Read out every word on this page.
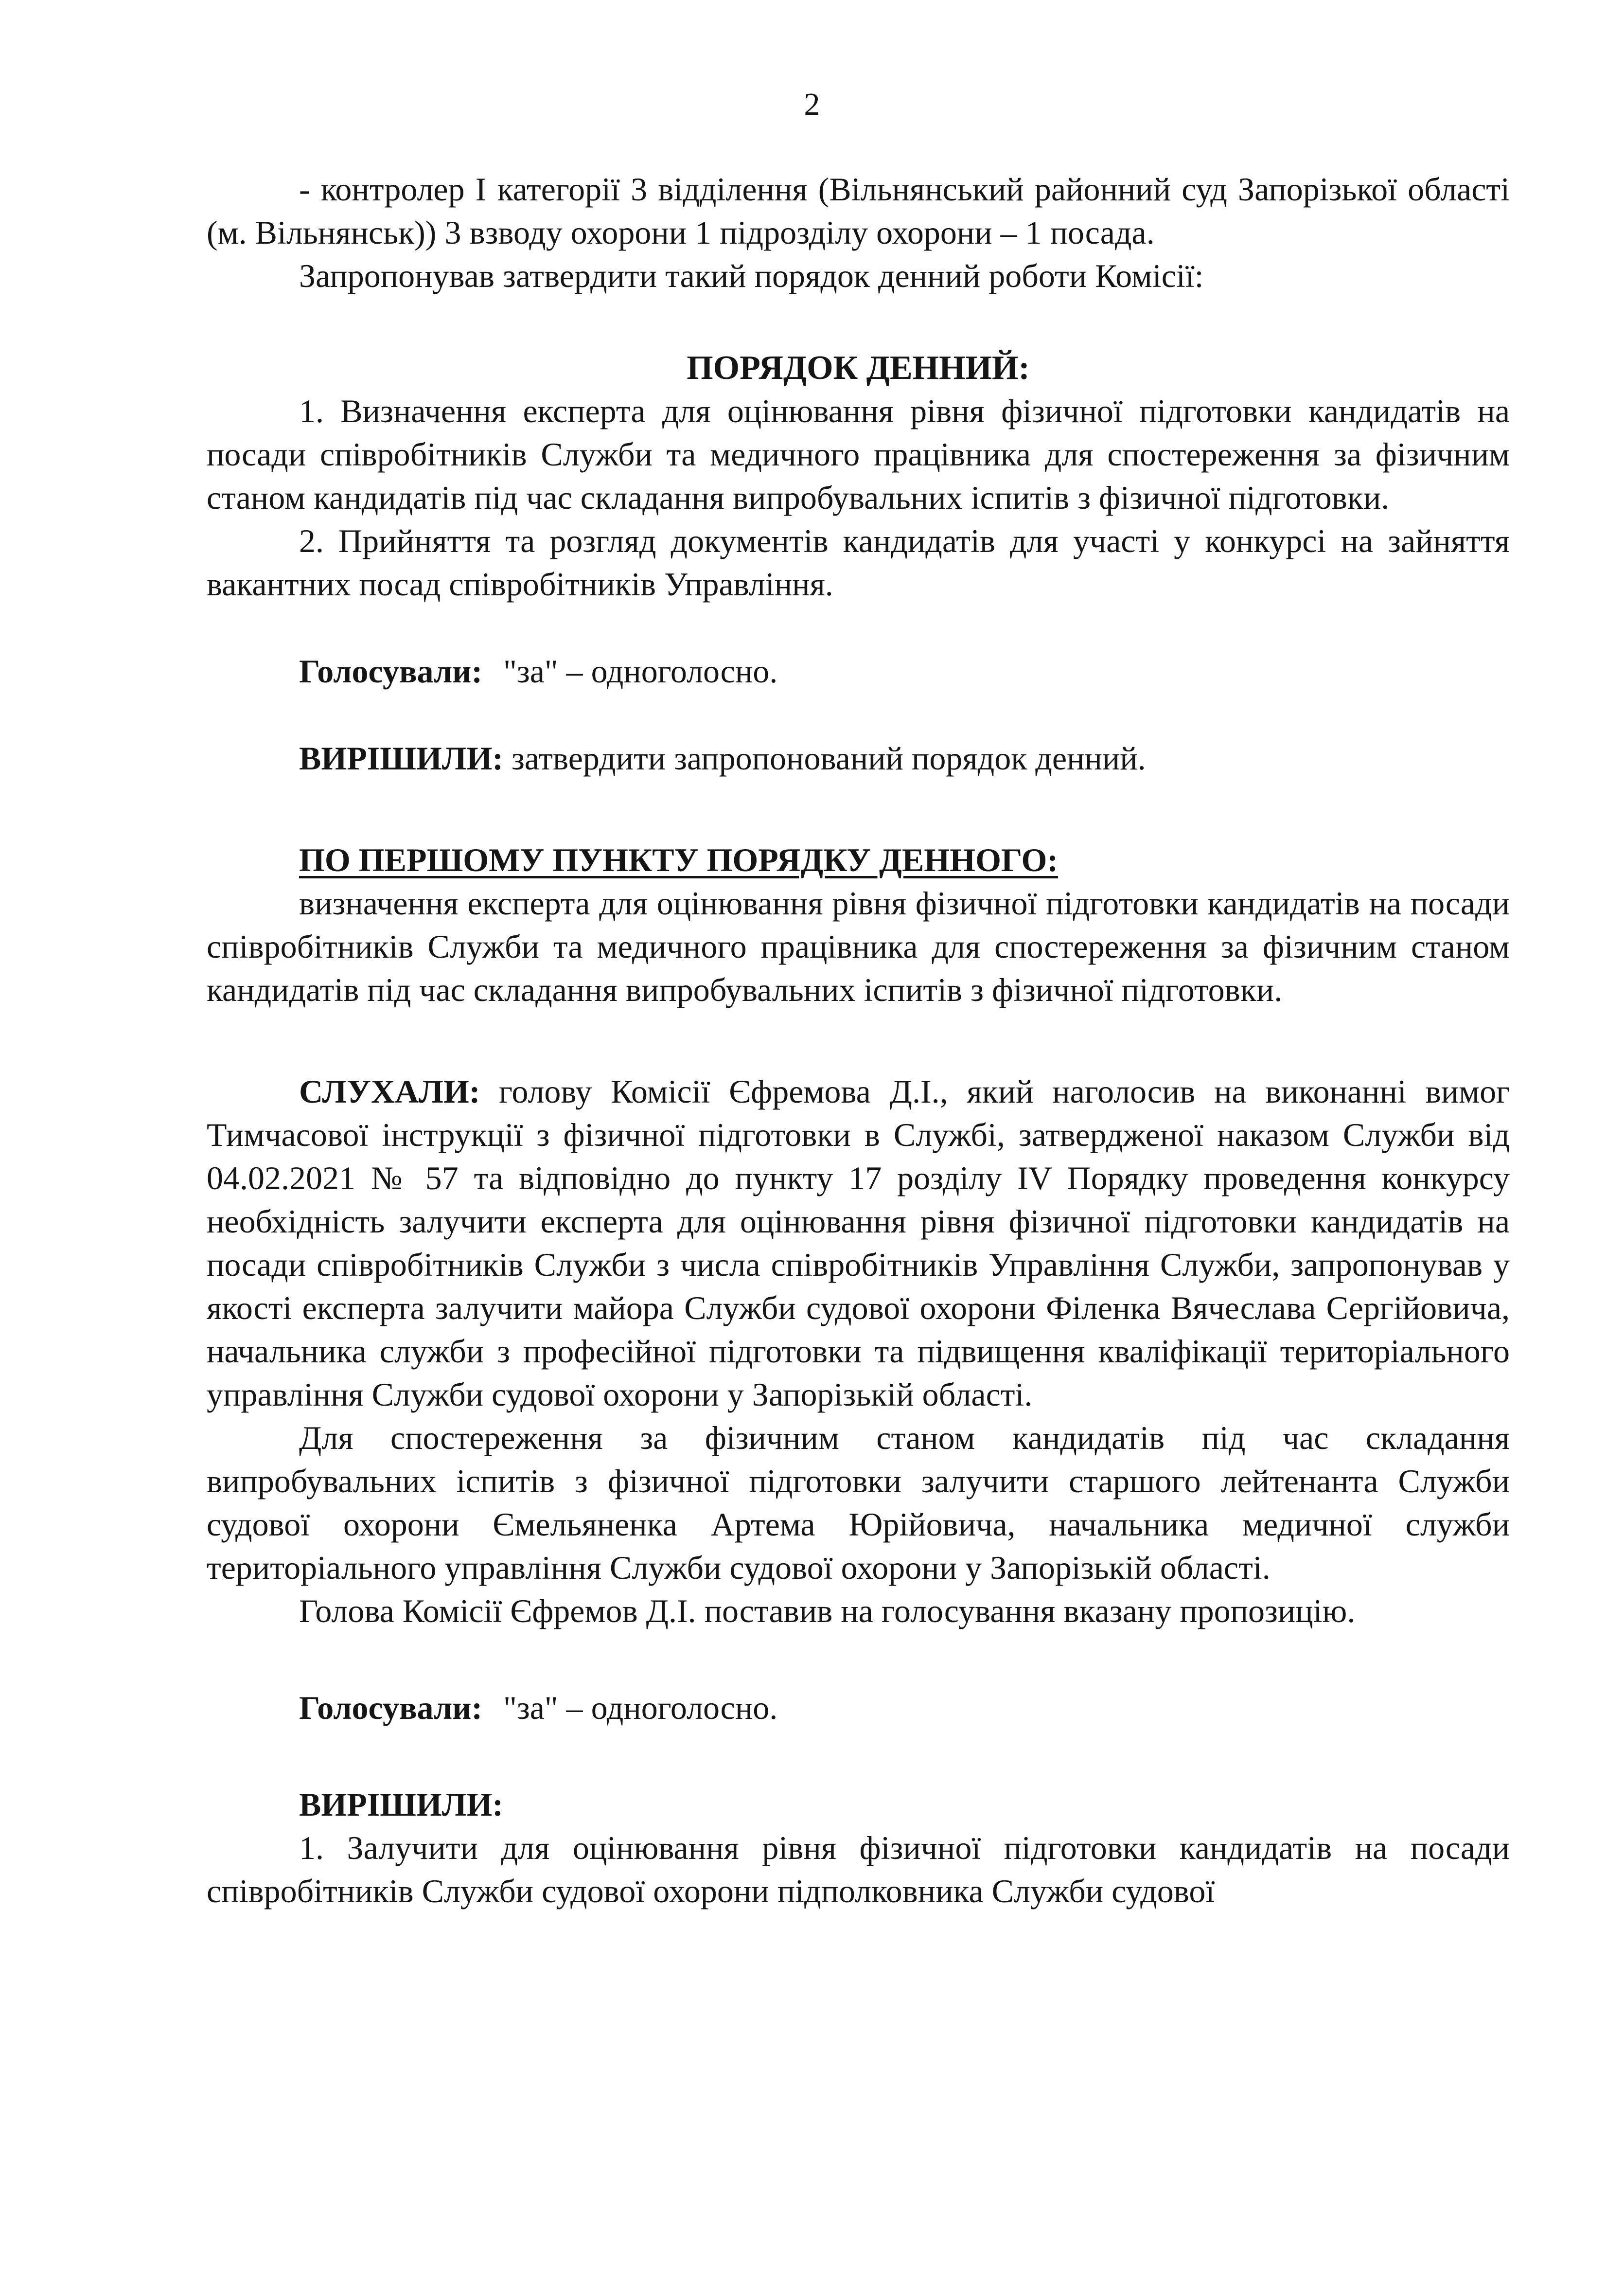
2

- контролер І категорії 3 відділення (Вільнянський районний суд Запорізької області (м. Вільнянськ)) 3 взводу охорони 1 підрозділу охорони – 1 посада.

Запропонував затвердити такий порядок денний роботи Комісії:

ПОРЯДОК ДЕННИЙ:

1. Визначення експерта для оцінювання рівня фізичної підготовки кандидатів на посади співробітників Служби та медичного працівника для спостереження за фізичним станом кандидатів під час складання випробувальних іспитів з фізичної підготовки.

2. Прийняття та розгляд документів кандидатів для участі у конкурсі на зайняття вакантних посад співробітників Управління.

Голосували: "за" – одноголосно.

ВИРІШИЛИ: затвердити запропонований порядок денний.

ПО ПЕРШОМУ ПУНКТУ ПОРЯДКУ ДЕННОГО:

визначення експерта для оцінювання рівня фізичної підготовки кандидатів на посади співробітників Служби та медичного працівника для спостереження за фізичним станом кандидатів під час складання випробувальних іспитів з фізичної підготовки.

СЛУХАЛИ: голову Комісії Єфремова Д.І., який наголосив на виконанні вимог Тимчасової інструкції з фізичної підготовки в Службі, затвердженої наказом Служби від 04.02.2021 № 57 та відповідно до пункту 17 розділу IV Порядку проведення конкурсу необхідність залучити експерта для оцінювання рівня фізичної підготовки кандидатів на посади співробітників Служби з числа співробітників Управління Служби, запропонував у якості експерта залучити майора Служби судової охорони Філенка Вячеслава Сергійовича, начальника служби з професійної підготовки та підвищення кваліфікації територіального управління Служби судової охорони у Запорізькій області.

Для спостереження за фізичним станом кандидатів під час складання випробувальних іспитів з фізичної підготовки залучити старшого лейтенанта Служби судової охорони Ємельяненка Артема Юрійовича, начальника медичної служби територіального управління Служби судової охорони у Запорізькій області.

Голова Комісії Єфремов Д.І. поставив на голосування вказану пропозицію.

Голосували: "за" – одноголосно.

ВИРІШИЛИ:

1. Залучити для оцінювання рівня фізичної підготовки кандидатів на посади співробітників Служби судової охорони підполковника Служби судової
